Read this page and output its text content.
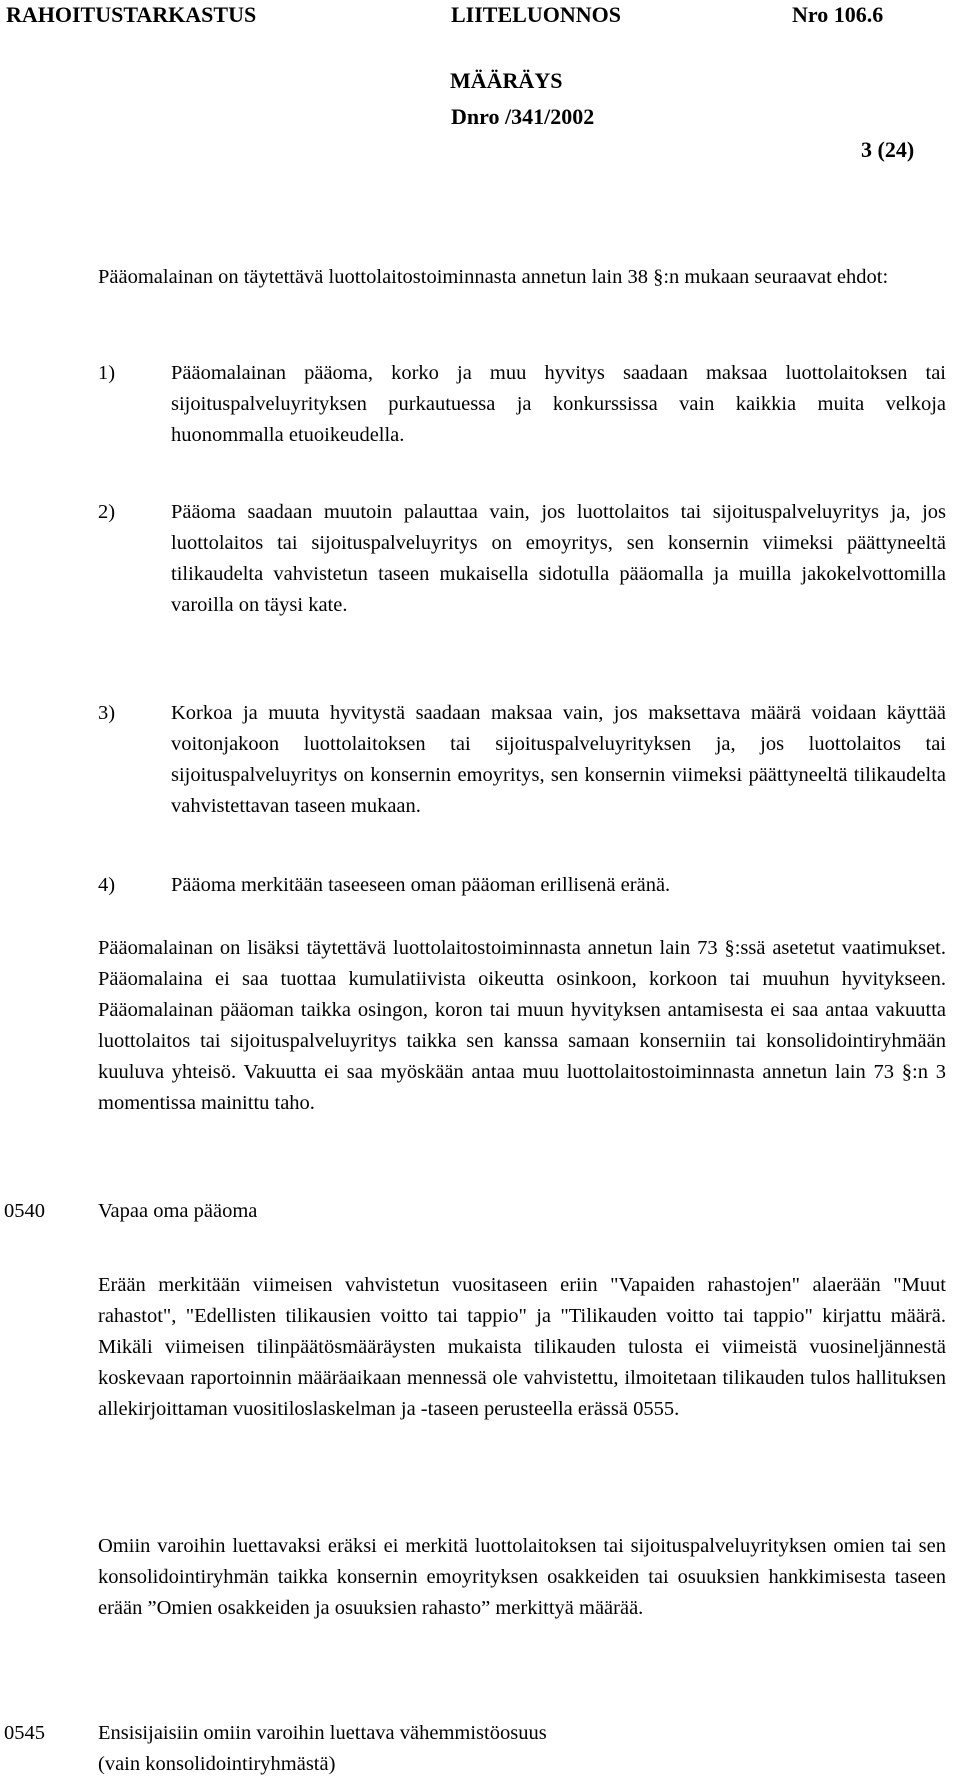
RAHOITUSTARKASTUS	LIITELUONNOS	Nro 106.6
MÄÄRÄYS
Dnro /341/2002
3 (24)
Pääomalainan on täytettävä luottolaitostoiminnasta annetun lain 38 §:n mukaan seuraavat ehdot:
1)	Pääomalainan pääoma, korko ja muu hyvitys saadaan maksaa luottolaitoksen tai sijoituspalveluyrityksen purkautuessa ja konkurssissa vain kaikkia muita velkoja huonommalla etuoikeudella.
2)	Pääoma saadaan muutoin palauttaa vain, jos luottolaitos tai sijoituspalveluyritys ja, jos luottolaitos tai sijoituspalveluyritys on emoyritys, sen konsernin viimeksi päättyneeltä tilikaudelta vahvistetun taseen mukaisella sidotulla pääomalla ja muilla jakokelvottomilla varoilla on täysi kate.
3)	Korkoa ja muuta hyvitystä saadaan maksaa vain, jos maksettava määrä voidaan käyttää voitonjakoon luottolaitoksen tai sijoituspalveluyrityksen ja, jos luottolaitos tai sijoituspalveluyritys on konsernin emoyritys, sen konsernin viimeksi päättyneeltä tilikaudelta vahvistettavan taseen mukaan.
4)	Pääoma merkitään taseeseen oman pääoman erillisenä eränä.
Pääomalainan on lisäksi täytettävä luottolaitostoiminnasta annetun lain 73 §:ssä asetetut vaatimukset. Pääomalaina ei saa tuottaa kumulatiivista oikeutta osinkoon, korkoon tai muuhun hyvitykseen. Pääomalainan pääoman taikka osingon, koron tai muun hyvityksen antamisesta ei saa antaa vakuutta luottolaitos tai sijoituspalveluyritys taikka sen kanssa samaan konserniin tai konsolidointiryhmään kuuluva yhteisö. Vakuutta ei saa myöskään antaa muu luottolaitostoiminnasta annetun lain 73 §:n 3 momentissa mainittu taho.
0540	Vapaa oma pääoma
Erään merkitään viimeisen vahvistetun vuositaseen eriin "Vapaiden rahastojen" alaerään "Muut rahastot", "Edellisten tilikausien voitto tai tappio" ja "Tilikauden voitto tai tappio" kirjattu määrä. Mikäli viimeisen tilinpäätösmääräysten mukaista tilikauden tulosta ei viimeistä vuosineljännestä koskevaan raportoinnin määräaikaan mennessä ole vahvistettu, ilmoitetaan tilikauden tulos hallituksen allekirjoittaman vuositiloslaskelman ja -taseen perusteella erässä 0555.
Omiin varoihin luettavaksi eräksi ei merkitä luottolaitoksen tai sijoituspalveluyrityksen omien tai sen konsolidointiryhmän taikka konsernin emoyrityksen osakkeiden tai osuuksien hankkimisesta taseen erään ”Omien osakkeiden ja osuuksien rahasto” merkittyä määrää.
0545	Ensisijaisiin omiin varoihin luettava vähemmistöosuus
(vain konsolidointiryhmästä)
